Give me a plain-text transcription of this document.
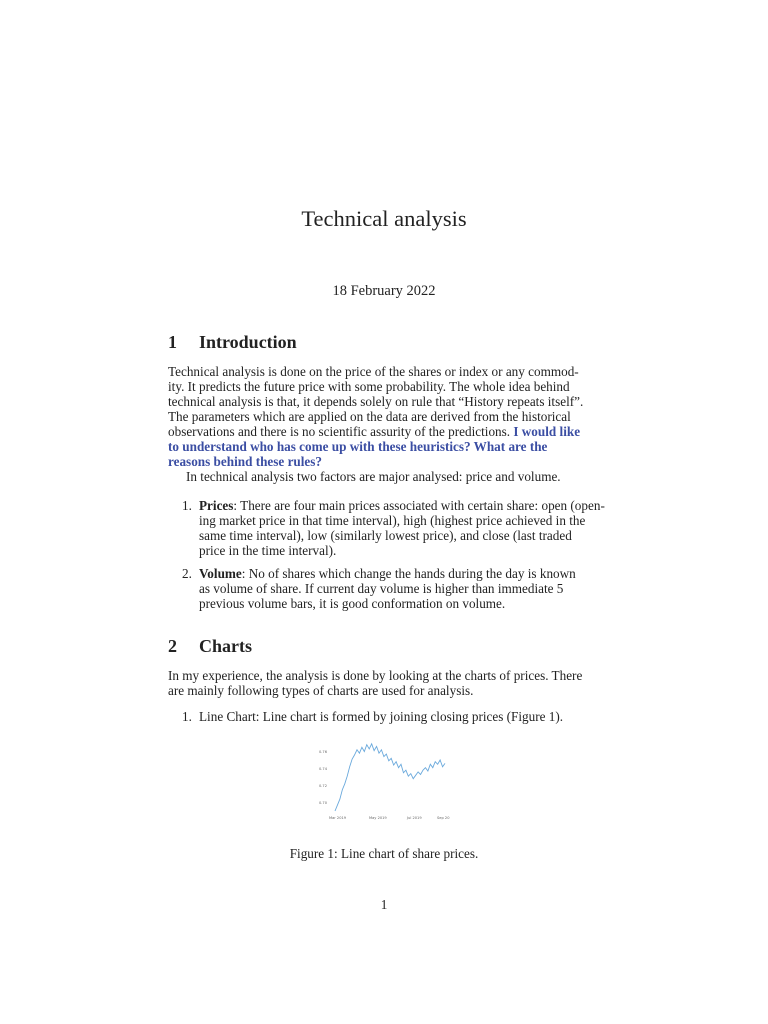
Technical analysis
18 February 2022
1 Introduction
Technical analysis is done on the price of the shares or index or any commod-
ity. It predicts the future price with some probability. The whole idea behind
technical analysis is that, it depends solely on rule that “History repeats itself”.
The parameters which are applied on the data are derived from the historical
observations and there is no scientific assurity of the predictions. I would like
to understand who has come up with these heuristics? What are the
reasons behind these rules?
In technical analysis two factors are major analysed: price and volume.
1. Prices: There are four main prices associated with certain share: open (open-
ing market price in that time interval), high (highest price achieved in the
same time interval), low (similarly lowest price), and close (last traded
price in the time interval).
2. Volume: No of shares which change the hands during the day is known
as volume of share. If current day volume is higher than immediate 5
previous volume bars, it is good conformation on volume.
2 Charts
In my experience, the analysis is done by looking at the charts of prices. There
are mainly following types of charts are used for analysis.
1. Line Chart: Line chart is formed by joining closing prices (Figure 1).
0.76
0.74
0.72
0.70
Mar 2019	May 2019	Jul 2019	Sep 20
Figure 1: Line chart of share prices.
1
